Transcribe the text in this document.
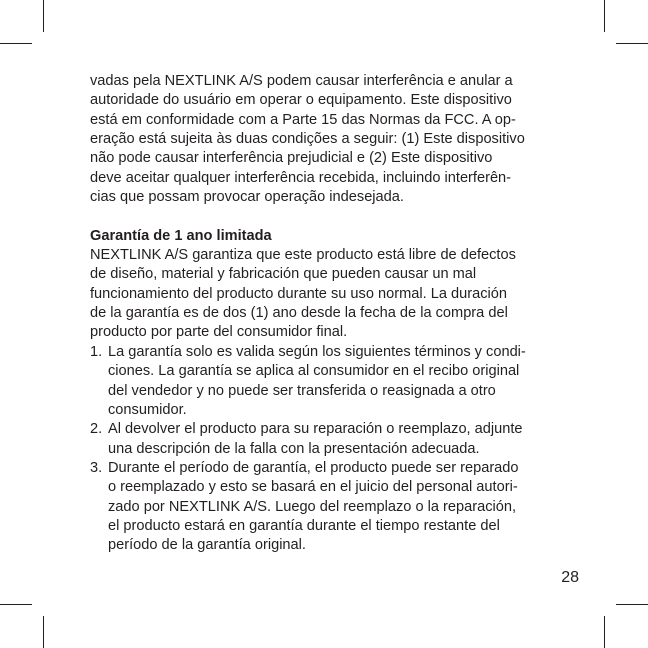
vadas pela NEXTLINK A/S podem causar interferência e anular a
autoridade do usuário em operar o equipamento. Este dispositivo
está em conformidade com a Parte 15 das Normas da FCC. A op-
eração está sujeita às duas condições a seguir: (1) Este dispositivo
não pode causar interferência prejudicial e (2) Este dispositivo
deve aceitar qualquer interferência recebida, incluindo interferên-
cias que possam provocar operação indesejada.
Garantía de 1 ano limitada
NEXTLINK A/S garantiza que este producto está libre de defectos
de diseño, material y fabricación que pueden causar un mal
funcionamiento del producto durante su uso normal. La duración
de la garantía es de dos (1) ano desde la fecha de la compra del
producto por parte del consumidor final.
1. La garantía solo es valida según los siguientes términos y condi-
ciones. La garantía se aplica al consumidor en el recibo original
del vendedor y no puede ser transferida o reasignada a otro
consumidor.
2. Al devolver el producto para su reparación o reemplazo, adjunte
una descripción de la falla con la presentación adecuada.
3. Durante el período de garantía, el producto puede ser reparado
o reemplazado y esto se basará en el juicio del personal autori-
zado por NEXTLINK A/S. Luego del reemplazo o la reparación,
el producto estará en garantía durante el tiempo restante del
período de la garantía original.
28
